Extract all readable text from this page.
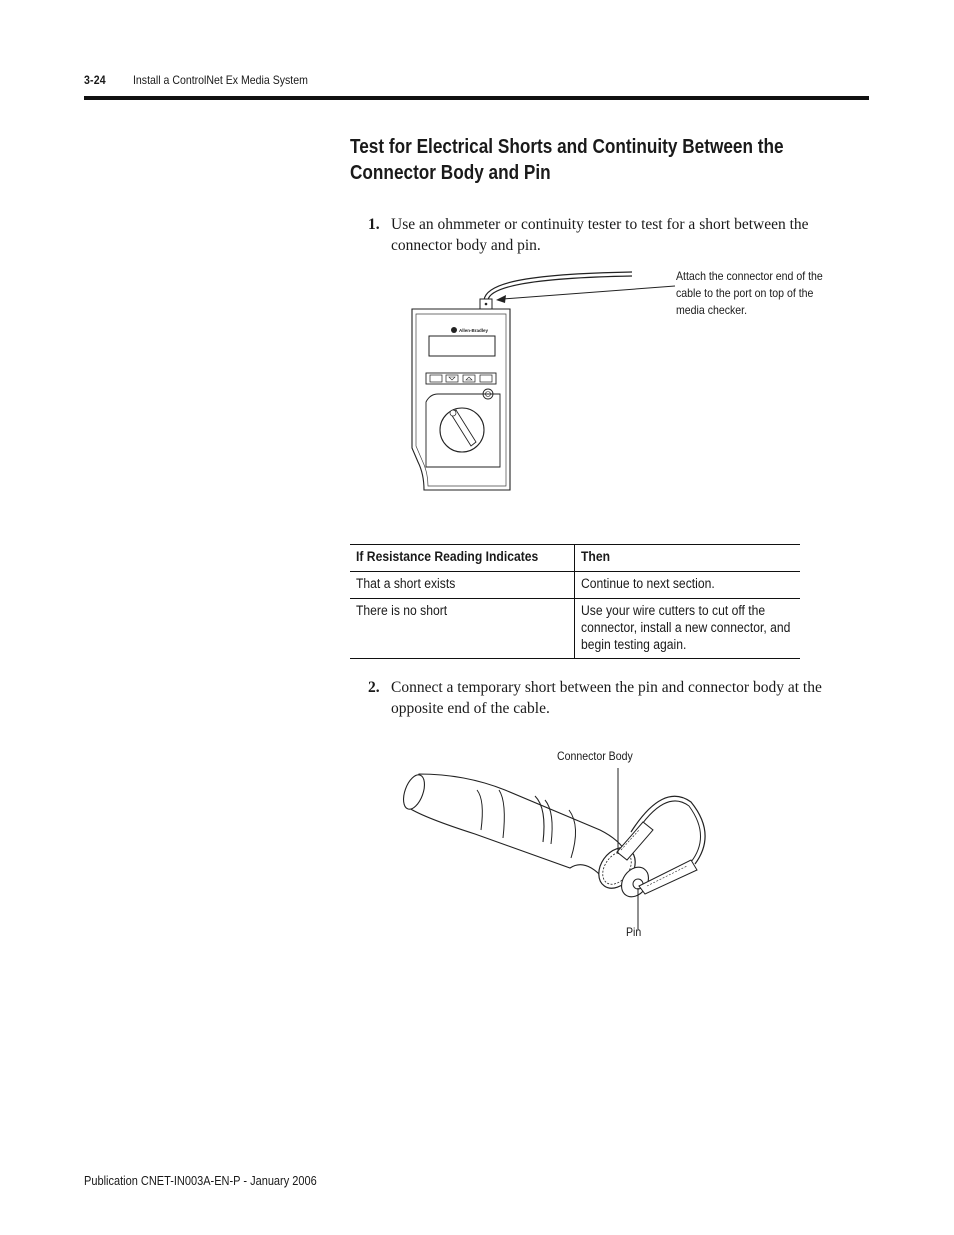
3-24 Install a ControlNet Ex Media System
Test for Electrical Shorts and Continuity Between the Connector Body and Pin
1. Use an ohmmeter or continuity tester to test for a short between the connector body and pin.
Allen-Bradley
Attach the connector end of the cable to the port on top of the media checker.
If Resistance Reading Indicates	Then
That a short exists	Continue to next section.
There is no short	Use your wire cutters to cut off the connector, install a new connector, and begin testing again.
2. Connect a temporary short between the pin and connector body at the opposite end of the cable.
Connector Body
Pin
Publication CNET-IN003A-EN-P - January 2006
